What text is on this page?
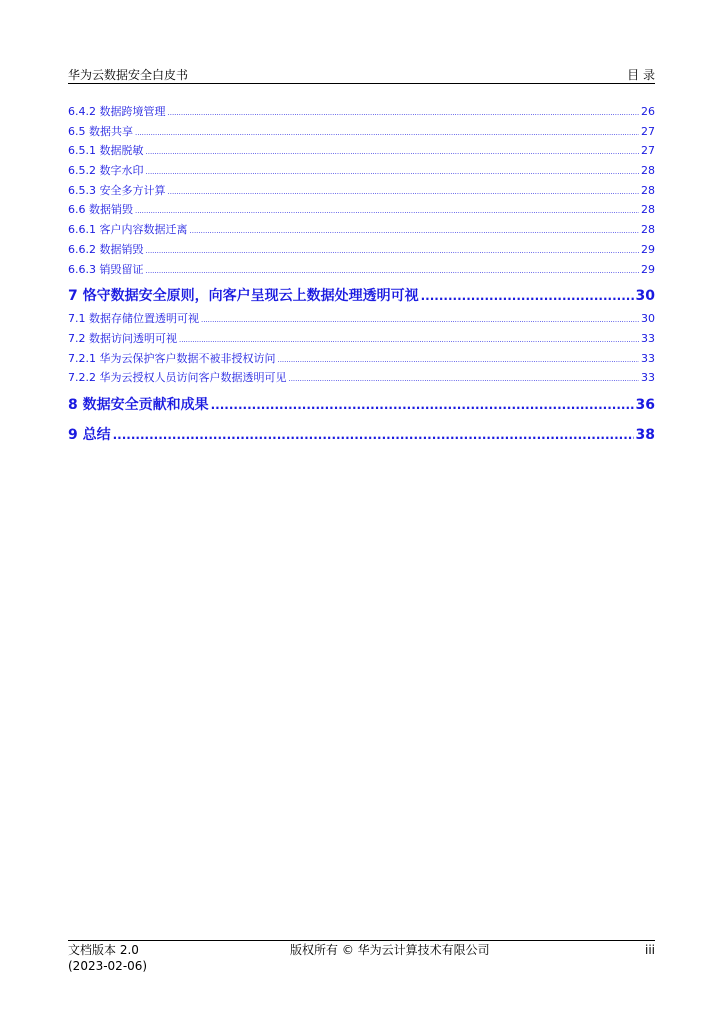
华为云数据安全白皮书	目 录
6.4.2 数据跨境管理 .....	26
6.5 数据共享 .....	27
6.5.1 数据脱敏 .....	27
6.5.2 数字水印 .....	28
6.5.3 安全多方计算 .....	28
6.6 数据销毁 .....	28
6.6.1 客户内容数据迁离 .....	28
6.6.2 数据销毁 .....	29
6.6.3 销毁留证 .....	29
7 恪守数据安全原则，向客户呈现云上数据处理透明可视 .....	30
7.1 数据存储位置透明可视 .....	30
7.2 数据访问透明可视 .....	33
7.2.1 华为云保护客户数据不被非授权访问 .....	33
7.2.2 华为云授权人员访问客户数据透明可见 .....	33
8 数据安全贡献和成果 .....	36
9 总结 .....	38
文档版本 2.0
(2023-02-06)
版权所有 © 华为云计算技术有限公司	iii
